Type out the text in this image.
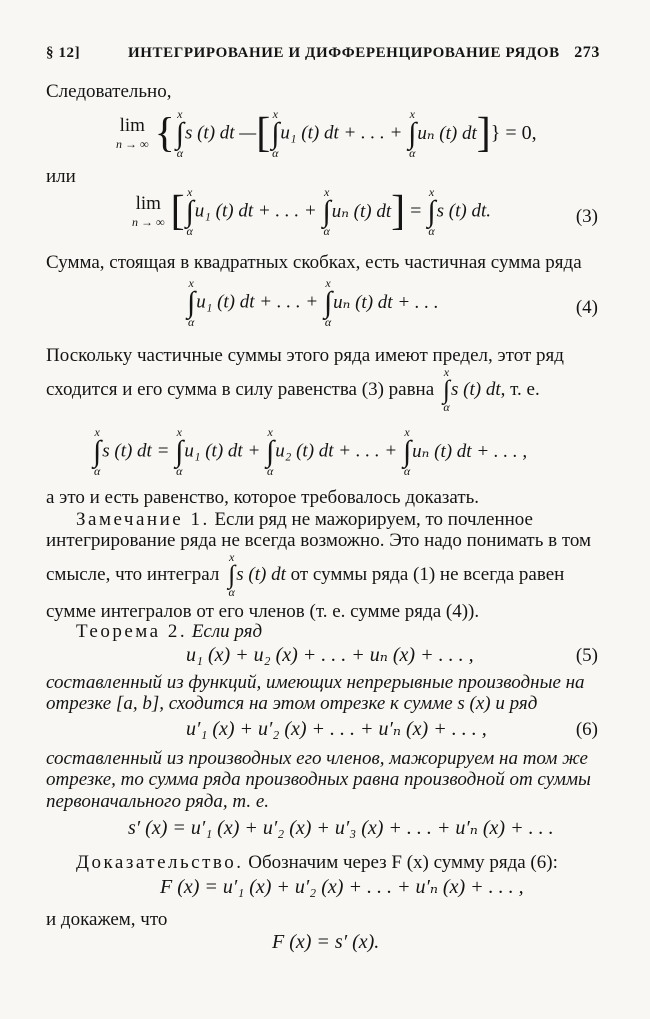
§ 12]	ИНТЕГРИРОВАНИЕ И ДИФФЕРЕНЦИРОВАНИЕ РЯДОВ 273
Следовательно,
lim
n → ∞ { x
∫
α
s (t) dt —[ x
∫
α
u₁ (t) dt + . . . +
x
∫
α
uₙ (t) dt]} = 0,
или
lim
n → ∞ [ x
∫
α
u₁ (t) dt + . . . +
x
∫
α
uₙ (t) dt] =
x
∫
α
s (t) dt.	(3)
Сумма, стоящая в квадратных скобках, есть частичная сумма ряда
x
∫
α
u₁ (t) dt + . . . +
x
∫
α
uₙ (t) dt + . . .	(4)
Поскольку частичные суммы этого ряда имеют предел, этот ряд
сходится и его сумма в силу равенства (3) равна
x
∫
α
s (t) dt, т. е.
x
∫
α
s (t) dt =
x
∫
α
u₁ (t) dt +
x
∫
α
u₂ (t) dt + . . . +
x
∫
α
uₙ (t) dt + . . . ,
а это и есть равенство, которое требовалось доказать.
Замечание 1. Если ряд не мажорируем, то почленное
интегрирование ряда не всегда возможно. Это надо понимать в том
смысле, что интеграл
x
∫
α
s (t) dt от суммы ряда (1) не всегда равен
сумме интегралов от его членов (т. е. сумме ряда (4)).
Теорема 2. Если ряд
u₁ (x) + u₂ (x) + . . . + uₙ (x) + . . . ,	(5)
составленный из функций, имеющих непрерывные производные на
отрезке [a, b], сходится на этом отрезке к сумме s (x) и ряд
u′₁ (x) + u′₂ (x) + . . . + u′ₙ (x) + . . . ,	(6)
составленный из производных его членов, мажорируем на том же
отрезке, то сумма ряда производных равна производной от суммы
первоначального ряда, т. е.
s′ (x) = u′₁ (x) + u′₂ (x) + u′₃ (x) + . . . + u′ₙ (x) + . . .
Доказательство. Обозначим через F (x) сумму ряда (6):
F (x) = u′₁ (x) + u′₂ (x) + . . . + u′ₙ (x) + . . . ,
и докажем, что
F (x) = s′ (x).
